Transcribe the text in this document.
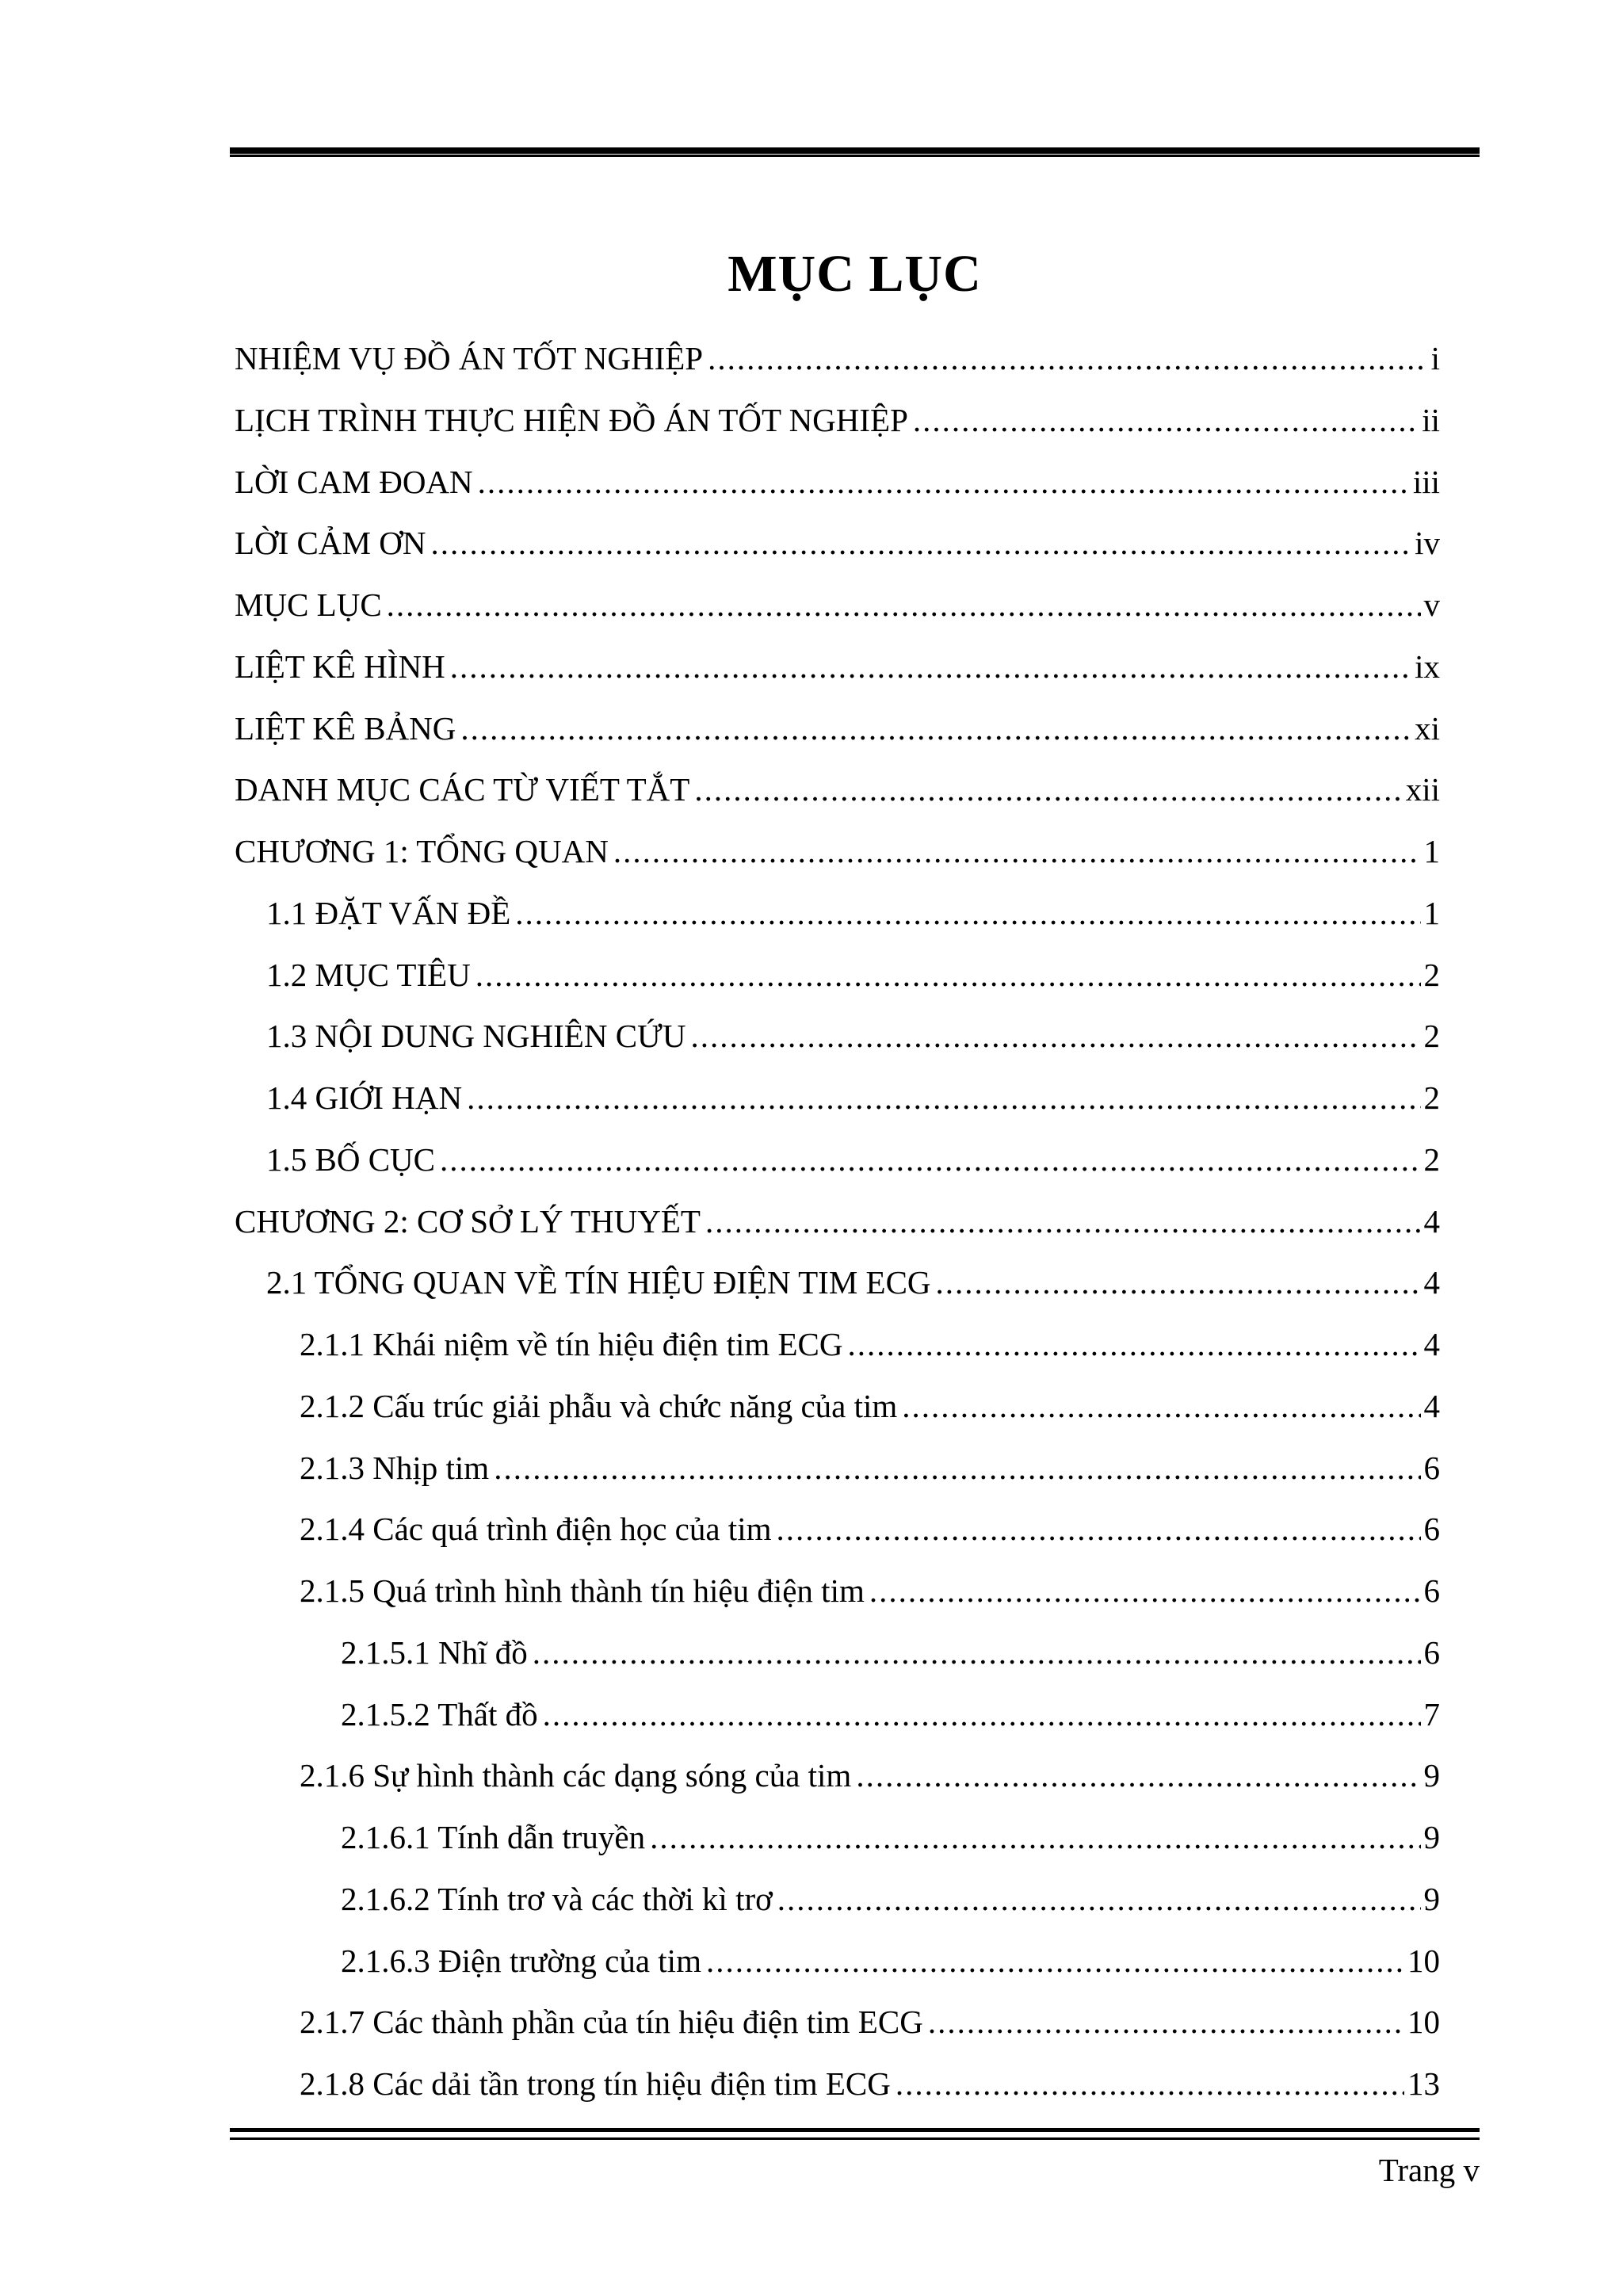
MỤC LỤC
NHIỆM VỤ ĐỒ ÁN TỐT NGHIỆP .....	i
LỊCH TRÌNH THỰC HIỆN ĐỒ ÁN TỐT NGHIỆP .....	ii
LỜI CAM ĐOAN .....	iii
LỜI CẢM ƠN .....	iv
MỤC LỤC .....	v
LIỆT KÊ HÌNH .....	ix
LIỆT KÊ BẢNG .....	xi
DANH MỤC CÁC TỪ VIẾT TẮT .....	xii
CHƯƠNG 1: TỔNG QUAN .....	1
1.1 ĐẶT VẤN ĐỀ .....	1
1.2 MỤC TIÊU .....	2
1.3 NỘI DUNG NGHIÊN CỨU .....	2
1.4 GIỚI HẠN .....	2
1.5 BỐ CỤC .....	2
CHƯƠNG 2: CƠ SỞ LÝ THUYẾT .....	4
2.1 TỔNG QUAN VỀ TÍN HIỆU ĐIỆN TIM ECG .....	4
2.1.1 Khái niệm về tín hiệu điện tim ECG .....	4
2.1.2 Cấu trúc giải phẫu và chức năng của tim .....	4
2.1.3 Nhịp tim .....	6
2.1.4 Các quá trình điện học của tim .....	6
2.1.5 Quá trình hình thành tín hiệu điện tim .....	6
2.1.5.1 Nhĩ đồ .....	6
2.1.5.2 Thất đồ .....	7
2.1.6 Sự hình thành các dạng sóng của tim .....	9
2.1.6.1 Tính dẫn truyền .....	9
2.1.6.2 Tính trơ và các thời kì trơ .....	9
2.1.6.3 Điện trường của tim .....	10
2.1.7 Các thành phần của tín hiệu điện tim ECG .....	10
2.1.8 Các dải tần trong tín hiệu điện tim ECG .....	13
Trang v
